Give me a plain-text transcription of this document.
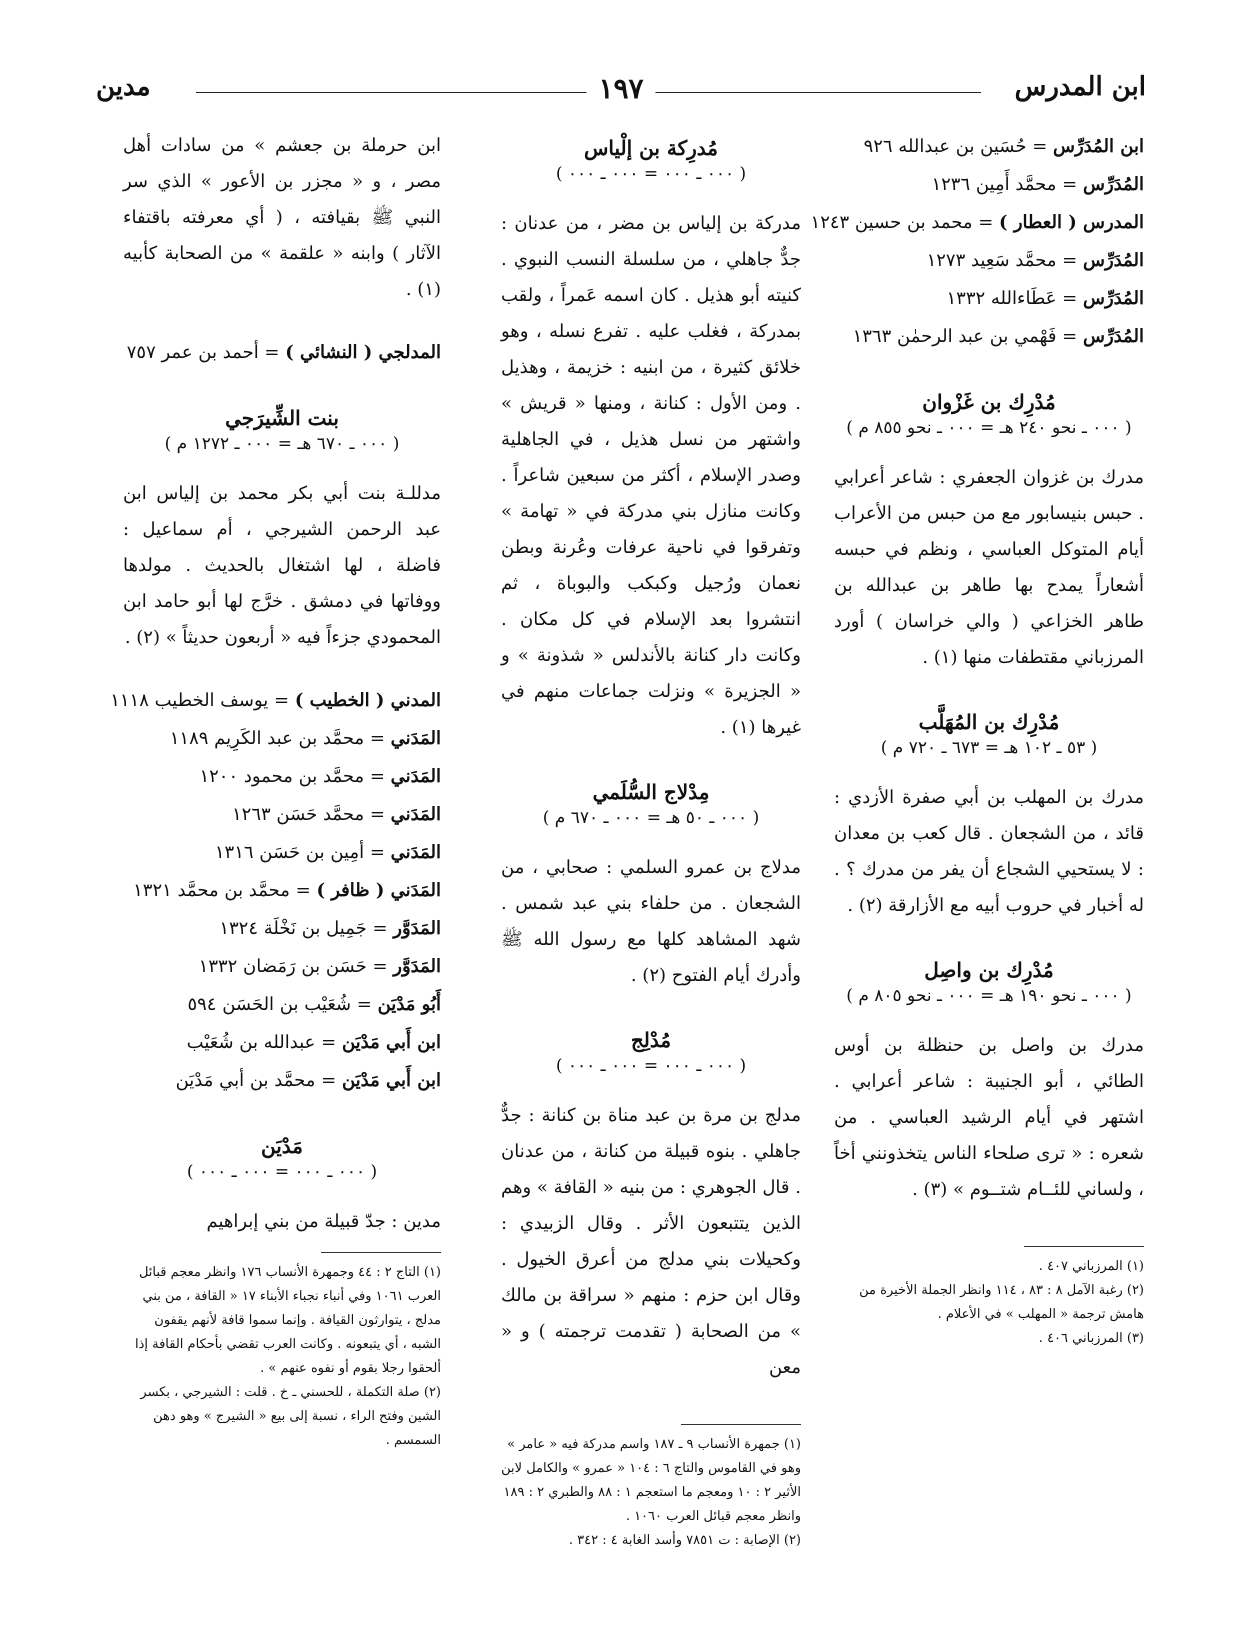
ابن المدرس
١٩٧
مدين

ابن المُدَرِّس = حُسَين بن عبدالله ٩٢٦

المُدَرِّس = محمَّد أَمِين ١٢٣٦

المدرس ( العطار ) = محمد بن حسين ١٢٤٣

المُدَرِّس = محمَّد سَعِيد ١٢٧٣

المُدَرِّس = عَطَاءالله ١٣٣٢

المُدَرِّس = فَهْمي بن عبد الرحمٰن ١٣٦٣

مُدْرِك بن غَزْوان
( ٠٠٠ ـ نحو ٢٤٠ هـ = ٠٠٠ ـ نحو ٨٥٥ م )

مدرك بن غزوان الجعفري : شاعر أعرابي . حبس بنيسابور مع من حبس من الأعراب أيام المتوكل العباسي ، ونظم في حبسه أشعاراً يمدح بها طاهر بن عبدالله بن طاهر الخزاعي ( والي خراسان ) أورد المرزباني مقتطفات منها (١) .

مُدْرِك بن المُهَلَّب
( ٥٣ ـ ١٠٢ هـ = ٦٧٣ ـ ٧٢٠ م )

مدرك بن المهلب بن أبي صفرة الأزدي : قائد ، من الشجعان . قال كعب بن معدان : لا يستحيي الشجاع أن يفر من مدرك ؟ . له أخبار في حروب أبيه مع الأزارقة (٢) .

مُدْرِك بن واصِل
( ٠٠٠ ـ نحو ١٩٠ هـ = ٠٠٠ ـ نحو ٨٠٥ م )

مدرك بن واصل بن حنظلة بن أوس الطائي ، أبو الجنيبة : شاعر أعرابي . اشتهر في أيام الرشيد العباسي . من شعره : « ترى صلحاء الناس يتخذونني أخاً ، ولساني للئــام شتــوم » (٣) .

(١) المرزباني ٤٠٧ .

(٢) رغبة الآمل ٨ : ٨٣ ، ١١٤ وانظر الجملة الأخيرة من هامش ترجمة « المهلب » في الأعلام .

(٣) المرزباني ٤٠٦ .

مُدرِكة بن إلْياس
( ٠٠٠ ـ ٠٠٠ = ٠٠٠ ـ ٠٠٠ )

مدركة بن إلياس بن مضر ، من عدنان : جدٌّ جاهلي ، من سلسلة النسب النبوي . كنيته أبو هذيل . كان اسمه عَمراً ، ولقب بمدركة ، فغلب عليه . تفرع نسله ، وهو خلائق كثيرة ، من ابنيه : خزيمة ، وهذيل . ومن الأول : كنانة ، ومنها « قريش » واشتهر من نسل هذيل ، في الجاهلية وصدر الإسلام ، أكثر من سبعين شاعراً . وكانت منازل بني مدركة في « تهامة » وتفرقوا في ناحية عرفات وعُرنة وبطن نعمان ورُجيل وكبكب والبوباة ، ثم انتشروا بعد الإسلام في كل مكان . وكانت دار كنانة بالأندلس « شذونة » و « الجزيرة » ونزلت جماعات منهم في غيرها (١) .

مِدْلاج السُّلَمي
( ٠٠٠ ـ ٥٠ هـ = ٠٠٠ ـ ٦٧٠ م )

مدلاج بن عمرو السلمي : صحابي ، من الشجعان . من حلفاء بني عبد شمس . شهد المشاهد كلها مع رسول الله ﷺ وأدرك أيام الفتوح (٢) .

مُدْلِج
( ٠٠٠ ـ ٠٠٠ = ٠٠٠ ـ ٠٠٠ )

مدلج بن مرة بن عبد مناة بن كنانة : جدٌّ جاهلي . بنوه قبيلة من كنانة ، من عدنان . قال الجوهري : من بنيه « القافة » وهم الذين يتتبعون الأثر . وقال الزبيدي : وكحيلات بني مدلج من أعرق الخيول . وقال ابن حزم : منهم « سراقة بن مالك » من الصحابة ( تقدمت ترجمته ) و « معن

(١) جمهرة الأنساب ٩ ـ ١٨٧ واسم مدركة فيه « عامر » وهو في القاموس والتاج ٦ : ١٠٤ « عمرو » والكامل لابن الأثير ٢ : ١٠ ومعجم ما استعجم ١ : ٨٨ والطبري ٢ : ١٨٩ وانظر معجم قبائل العرب ١٠٦٠ .

(٢) الإصابة : ت ٧٨٥١ وأسد الغابة ٤ : ٣٤٢ .

ابن حرملة بن جعشم » من سادات أهل مصر ، و « مجزر بن الأعور » الذي سر النبي ﷺ بقيافته ، ( أي معرفته باقتفاء الآثار ) وابنه « علقمة » من الصحابة كأبيه (١) .

المدلجي ( النشائي ) = أحمد بن عمر ٧٥٧

بنت الشِّيرَجي
( ٠٠٠ ـ ٦٧٠ هـ = ٠٠٠ ـ ١٢٧٢ م )

مدللـة بنت أبي بكر محمد بن إلياس ابن عبد الرحمن الشيرجي ، أم سماعيل : فاضلة ، لها اشتغال بالحديث . مولدها ووفاتها في دمشق . خرَّج لها أبو حامد ابن المحمودي جزءاً فيه « أربعون حديثاً » (٢) .

المدني ( الخطيب ) = يوسف الخطيب ١١١٨

المَدَني = محمَّد بن عبد الكَرِيم ١١٨٩

المَدَني = محمَّد بن محمود ١٢٠٠

المَدَني = محمَّد حَسَن ١٢٦٣

المَدَني = أمِين بن حَسَن ١٣١٦

المَدَني ( ظافر ) = محمَّد بن محمَّد ١٣٢١

المَدَوَّر = جَمِيل بن نَخْلَة ١٣٢٤

المَدَوَّر = حَسَن بن رَمَضان ١٣٣٢

أَبُو مَدْيَن = شُعَيْب بن الحَسَن ٥٩٤

ابن أَبي مَدْيَن = عبدالله بن شُعَيْب

ابن أَبي مَدْيَن = محمَّد بن أبي مَدْيَن

مَدْيَن
( ٠٠٠ ـ ٠٠٠ = ٠٠٠ ـ ٠٠٠ )

مدين : جدّ قبيلة من بني إبراهيم

(١) التاج ٢ : ٤٤ وجمهرة الأنساب ١٧٦ وانظر معجم قبائل العرب ١٠٦١ وفي أنباء نجباء الأبناء ١٧ « القافة ، من بني مدلج ، يتوارثون القيافة . وإنما سموا قافة لأنهم يقفون الشبه ، أي يتبعونه . وكانت العرب تقضي بأحكام القافة إذا ألحقوا رجلا بقوم أو نفوه عنهم » .

(٢) صلة التكملة ، للحسني ـ خ . قلت : الشيرجي ، بكسر الشين وفتح الراء ، نسبة إلى بيع « الشيرج » وهو دهن السمسم .
